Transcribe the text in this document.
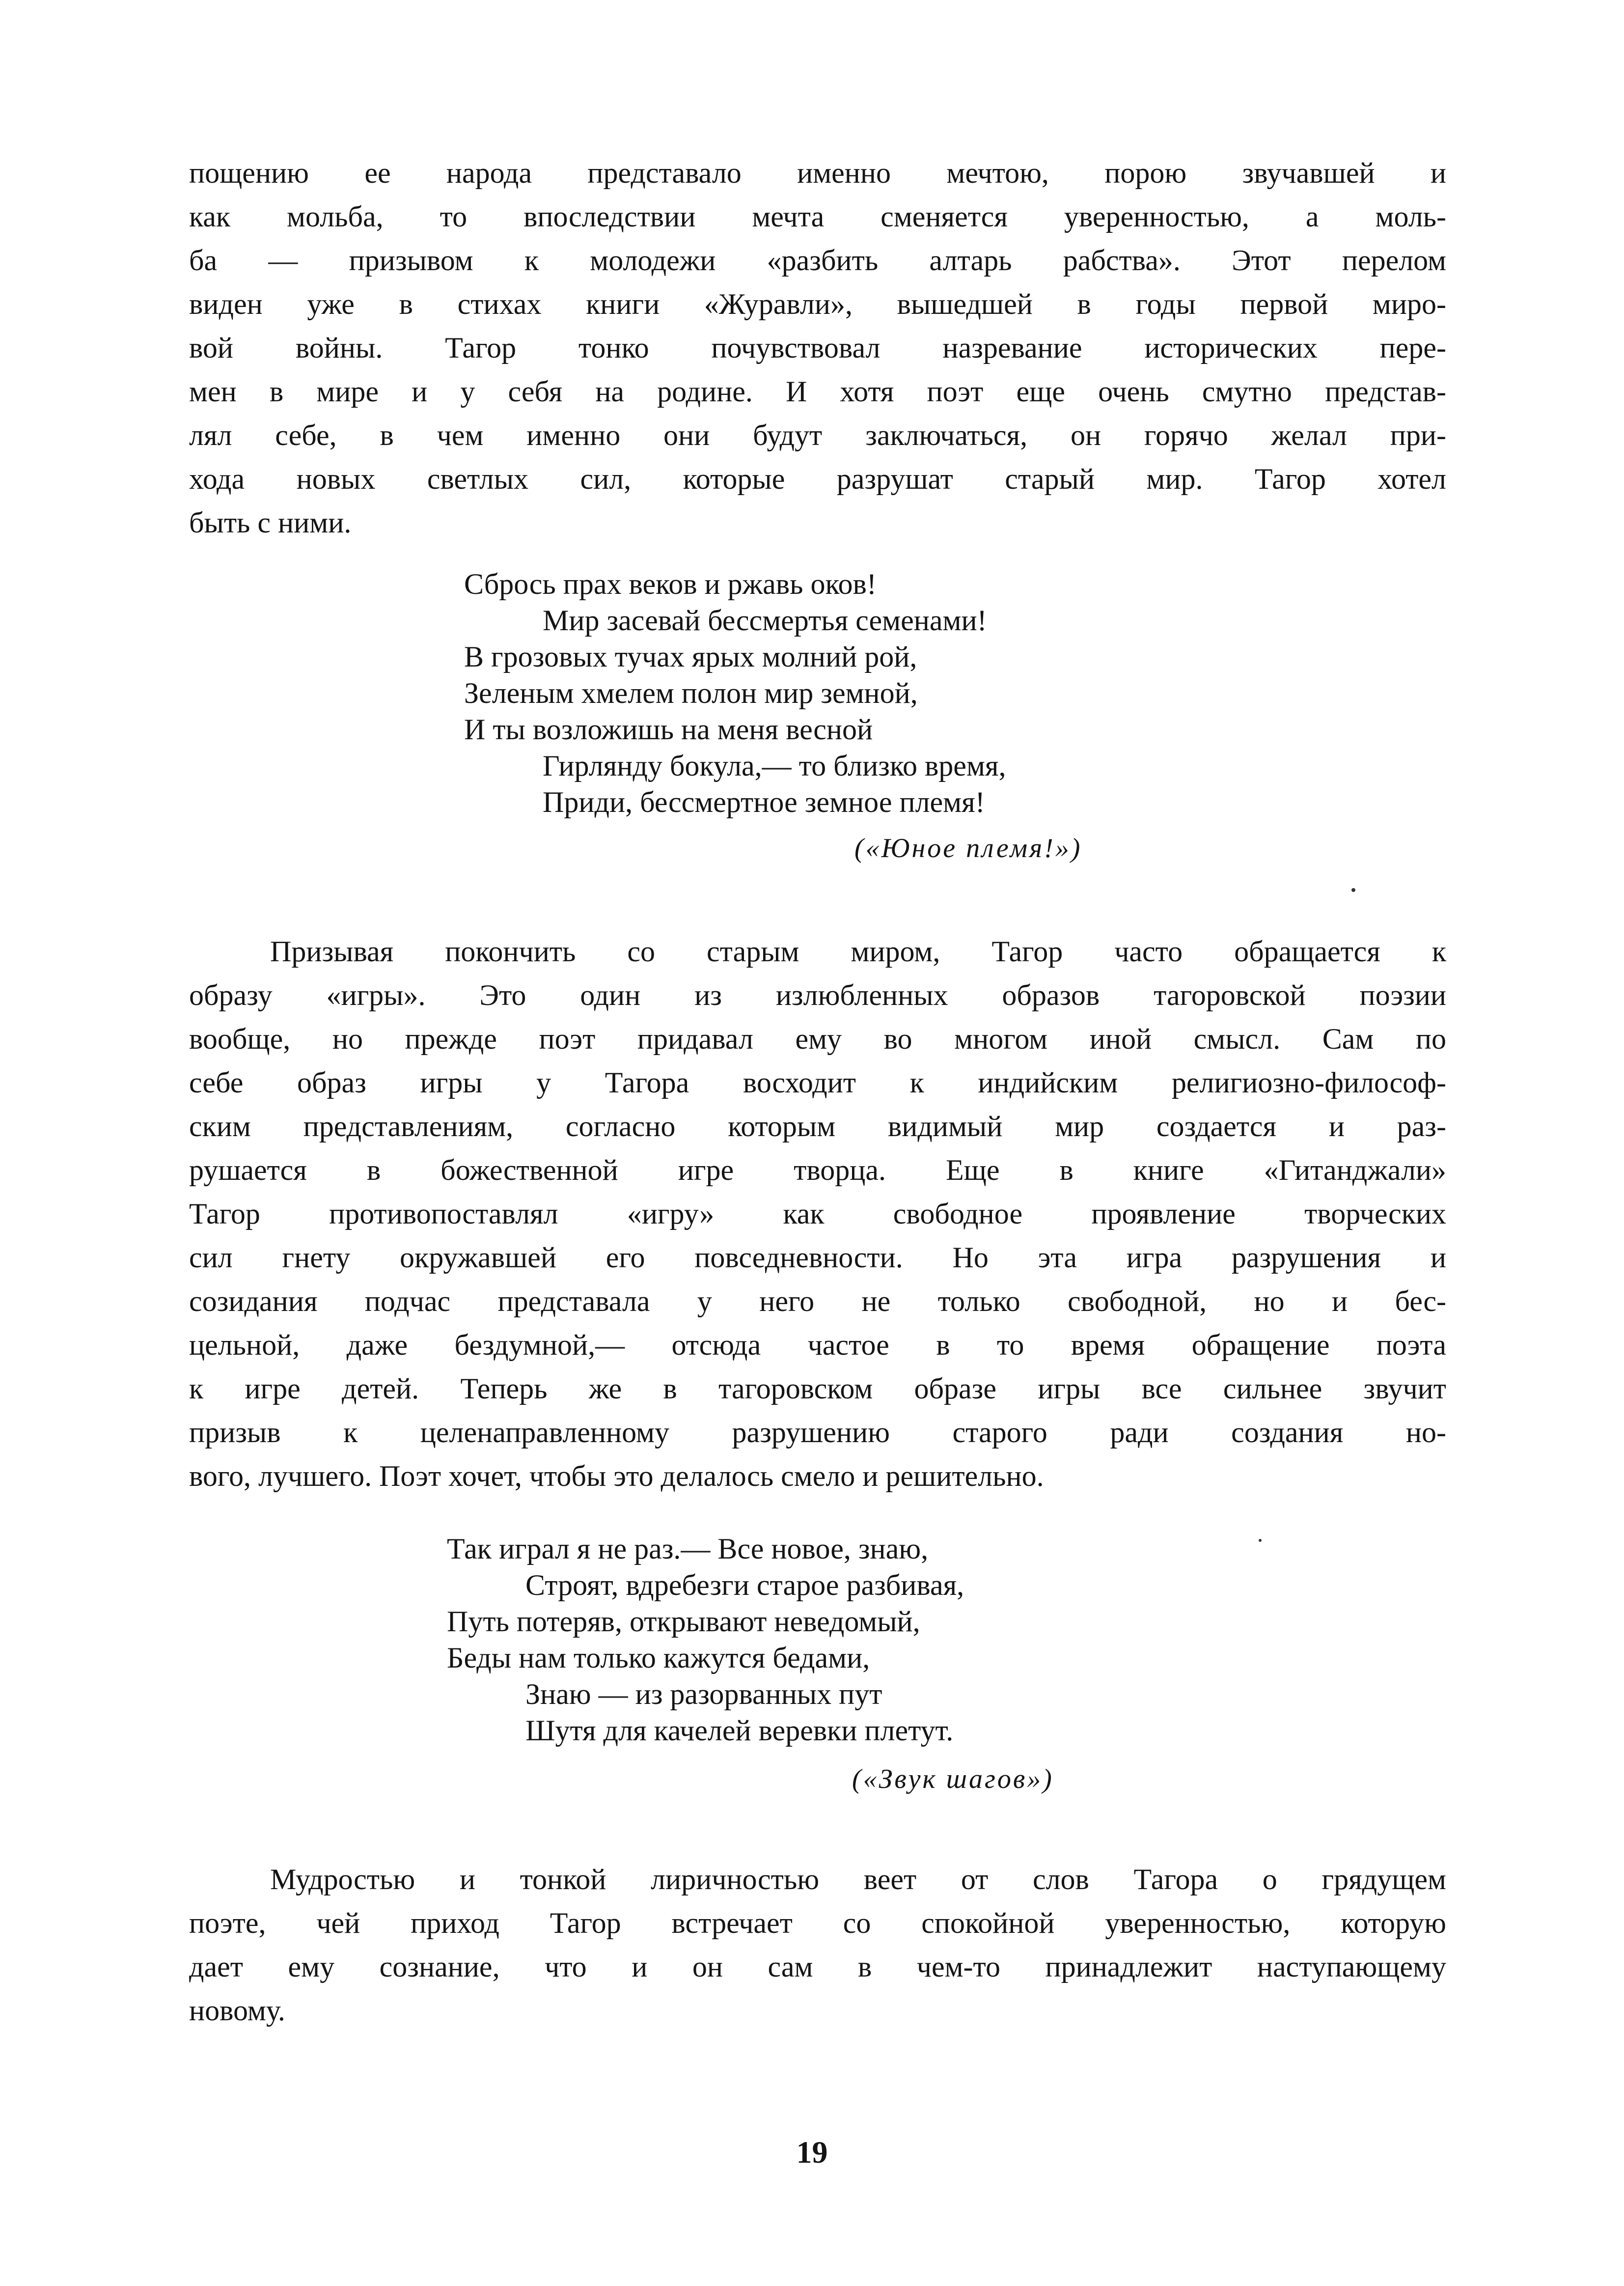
пощению ее народа представало именно мечтою, порою звучавшей и
как мольба, то впоследствии мечта сменяется уверенностью, а моль-
ба — призывом к молодежи «разбить алтарь рабства». Этот перелом
виден уже в стихах книги «Журавли», вышедшей в годы первой миро-
вой войны. Тагор тонко почувствовал назревание исторических пере-
мен в мире и у себя на родине. И хотя поэт еще очень смутно представ-
лял себе, в чем именно они будут заключаться, он горячо желал при-
хода новых светлых сил, которые разрушат старый мир. Тагор хотел
быть с ними.
Сбрось прах веков и ржавь оков!
Мир засевай бессмертья семенами!
В грозовых тучах ярых молний рой,
Зеленым хмелем полон мир земной,
И ты возложишь на меня весной
Гирлянду бокула,— то близко время,
Приди, бессмертное земное племя!
(«Юное племя!»)
Призывая покончить со старым миром, Тагор часто обращается к
образу «игры». Это один из излюбленных образов тагоровской поэзии
вообще, но прежде поэт придавал ему во многом иной смысл. Сам по
себе образ игры у Тагора восходит к индийским религиозно-философ-
ским представлениям, согласно которым видимый мир создается и раз-
рушается в божественной игре творца. Еще в книге «Гитанджали»
Тагор противопоставлял «игру» как свободное проявление творческих
сил гнету окружавшей его повседневности. Но эта игра разрушения и
созидания подчас представала у него не только свободной, но и бес-
цельной, даже бездумной,— отсюда частое в то время обращение поэта
к игре детей. Теперь же в тагоровском образе игры все сильнее звучит
призыв к целенаправленному разрушению старого ради создания но-
вого, лучшего. Поэт хочет, чтобы это делалось смело и решительно.
Так играл я не раз.— Все новое, знаю,
Строят, вдребезги старое разбивая,
Путь потеряв, открывают неведомый,
Беды нам только кажутся бедами,
Знаю — из разорванных пут
Шутя для качелей веревки плетут.
(«Звук шагов»)
Мудростью и тонкой лиричностью веет от слов Тагора о грядущем
поэте, чей приход Тагор встречает со спокойной уверенностью, которую
дает ему сознание, что и он сам в чем-то принадлежит наступающему
новому.
19
